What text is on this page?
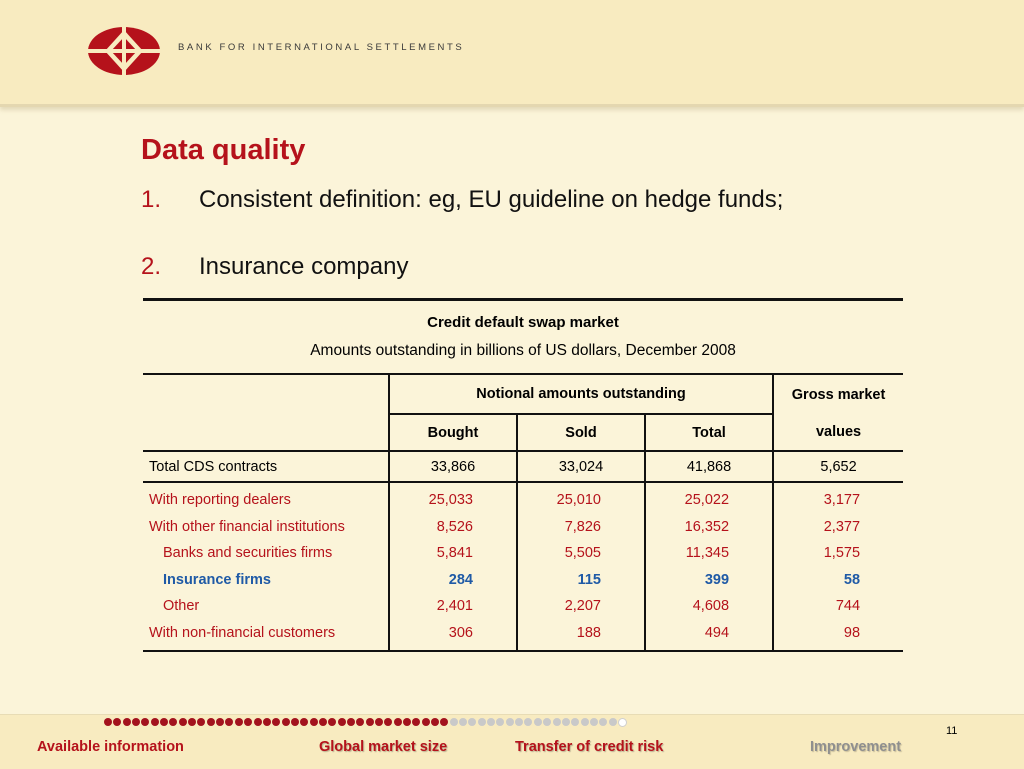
BANK FOR INTERNATIONAL SETTLEMENTS
Data quality
1. Consistent definition: eg, EU guideline on hedge funds;
2. Insurance company
Credit default swap market
Amounts outstanding in billions of US dollars, December 2008
	Notional amounts outstanding			Gross market
	Bought	Sold	Total	values
Total CDS contracts	33,866	33,024	41,868	5,652
With reporting dealers	25,033	25,010	25,022	3,177
With other financial institutions	8,526	7,826	16,352	2,377
Banks and securities firms	5,841	5,505	11,345	1,575
Insurance firms	284	115	399	58
Other	2,401	2,207	4,608	744
With non-financial customers	306	188	494	98
11
Available information	Global market size	Transfer of credit risk	Improvement
